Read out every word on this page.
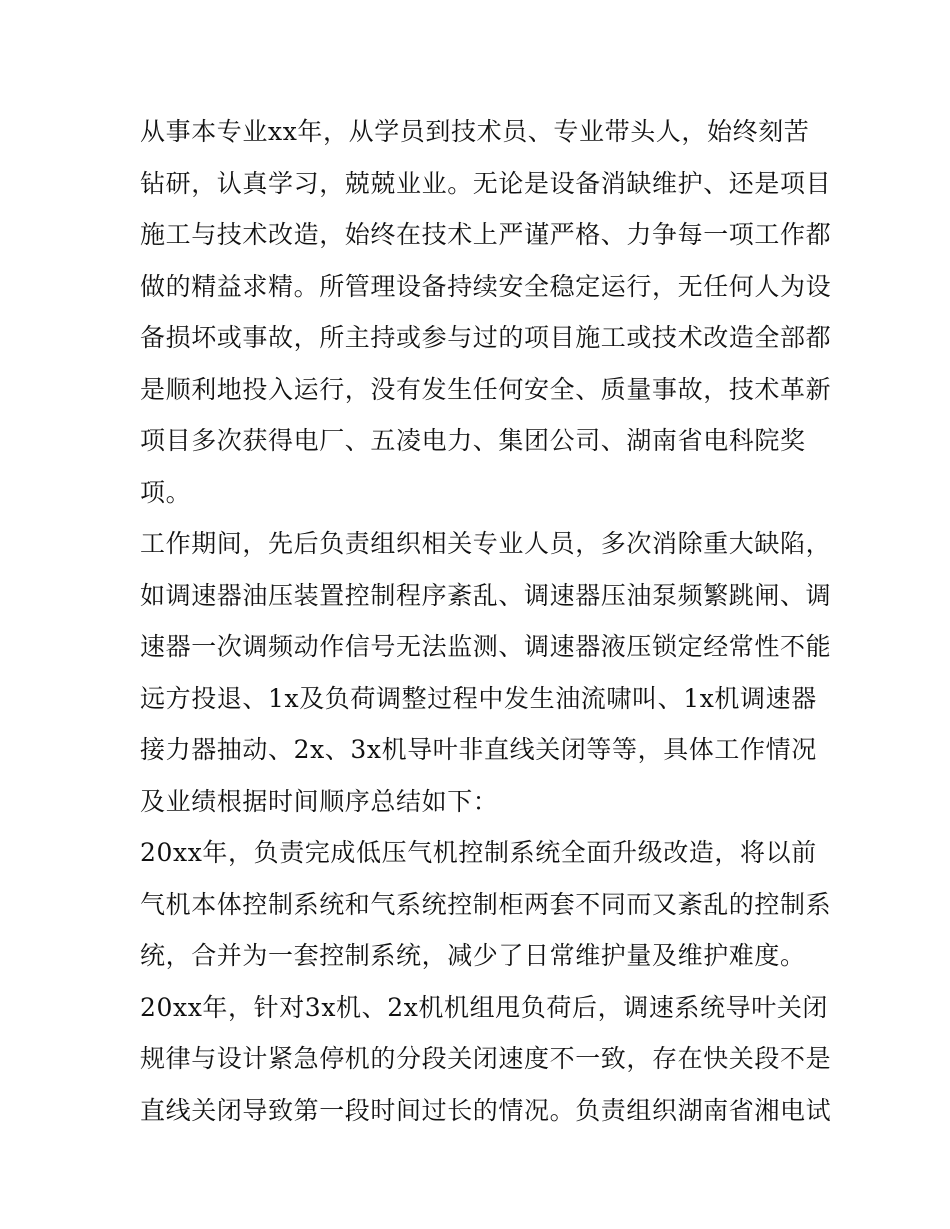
从事本专业xx年，从学员到技术员、专业带头人，始终刻苦
钻研，认真学习，兢兢业业。无论是设备消缺维护、还是项目
施工与技术改造，始终在技术上严谨严格、力争每一项工作都
做的精益求精。所管理设备持续安全稳定运行，无任何人为设
备损坏或事故，所主持或参与过的项目施工或技术改造全部都
是顺利地投入运行，没有发生任何安全、质量事故，技术革新
项目多次获得电厂、五凌电力、集团公司、湖南省电科院奖
项。
工作期间，先后负责组织相关专业人员，多次消除重大缺陷，
如调速器油压装置控制程序紊乱、调速器压油泵频繁跳闸、调
速器一次调频动作信号无法监测、调速器液压锁定经常性不能
远方投退、1x及负荷调整过程中发生油流啸叫、1x机调速器
接力器抽动、2x、3x机导叶非直线关闭等等，具体工作情况
及业绩根据时间顺序总结如下：
20xx年，负责完成低压气机控制系统全面升级改造，将以前
气机本体控制系统和气系统控制柜两套不同而又紊乱的控制系
统，合并为一套控制系统，减少了日常维护量及维护难度。
20xx年，针对3x机、2x机机组甩负荷后，调速系统导叶关闭
规律与设计紧急停机的分段关闭速度不一致，存在快关段不是
直线关闭导致第一段时间过长的情况。负责组织湖南省湘电试
